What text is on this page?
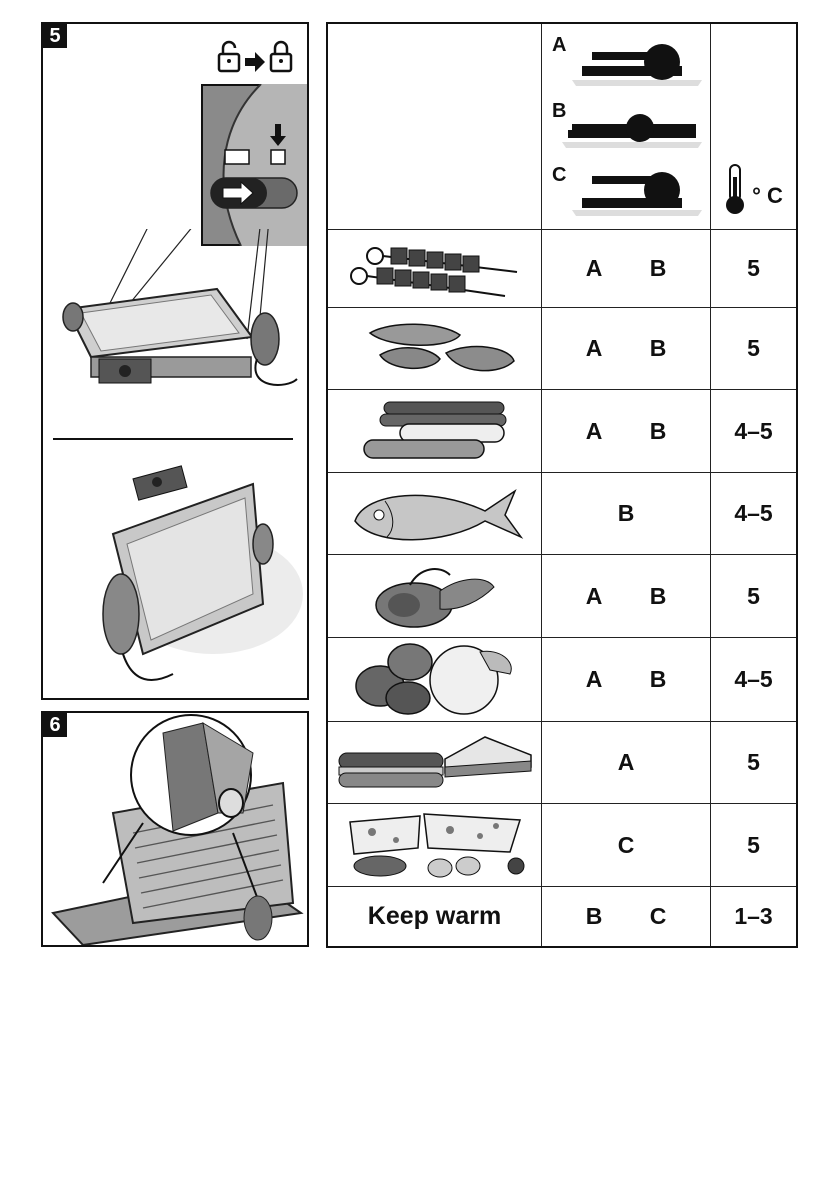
5
6
A
B
C
° C
A B	5
A B	5
A B	4–5
B	4–5
A B	5
A B	4–5
A	5
C	5
Keep warm	B C	1–3
